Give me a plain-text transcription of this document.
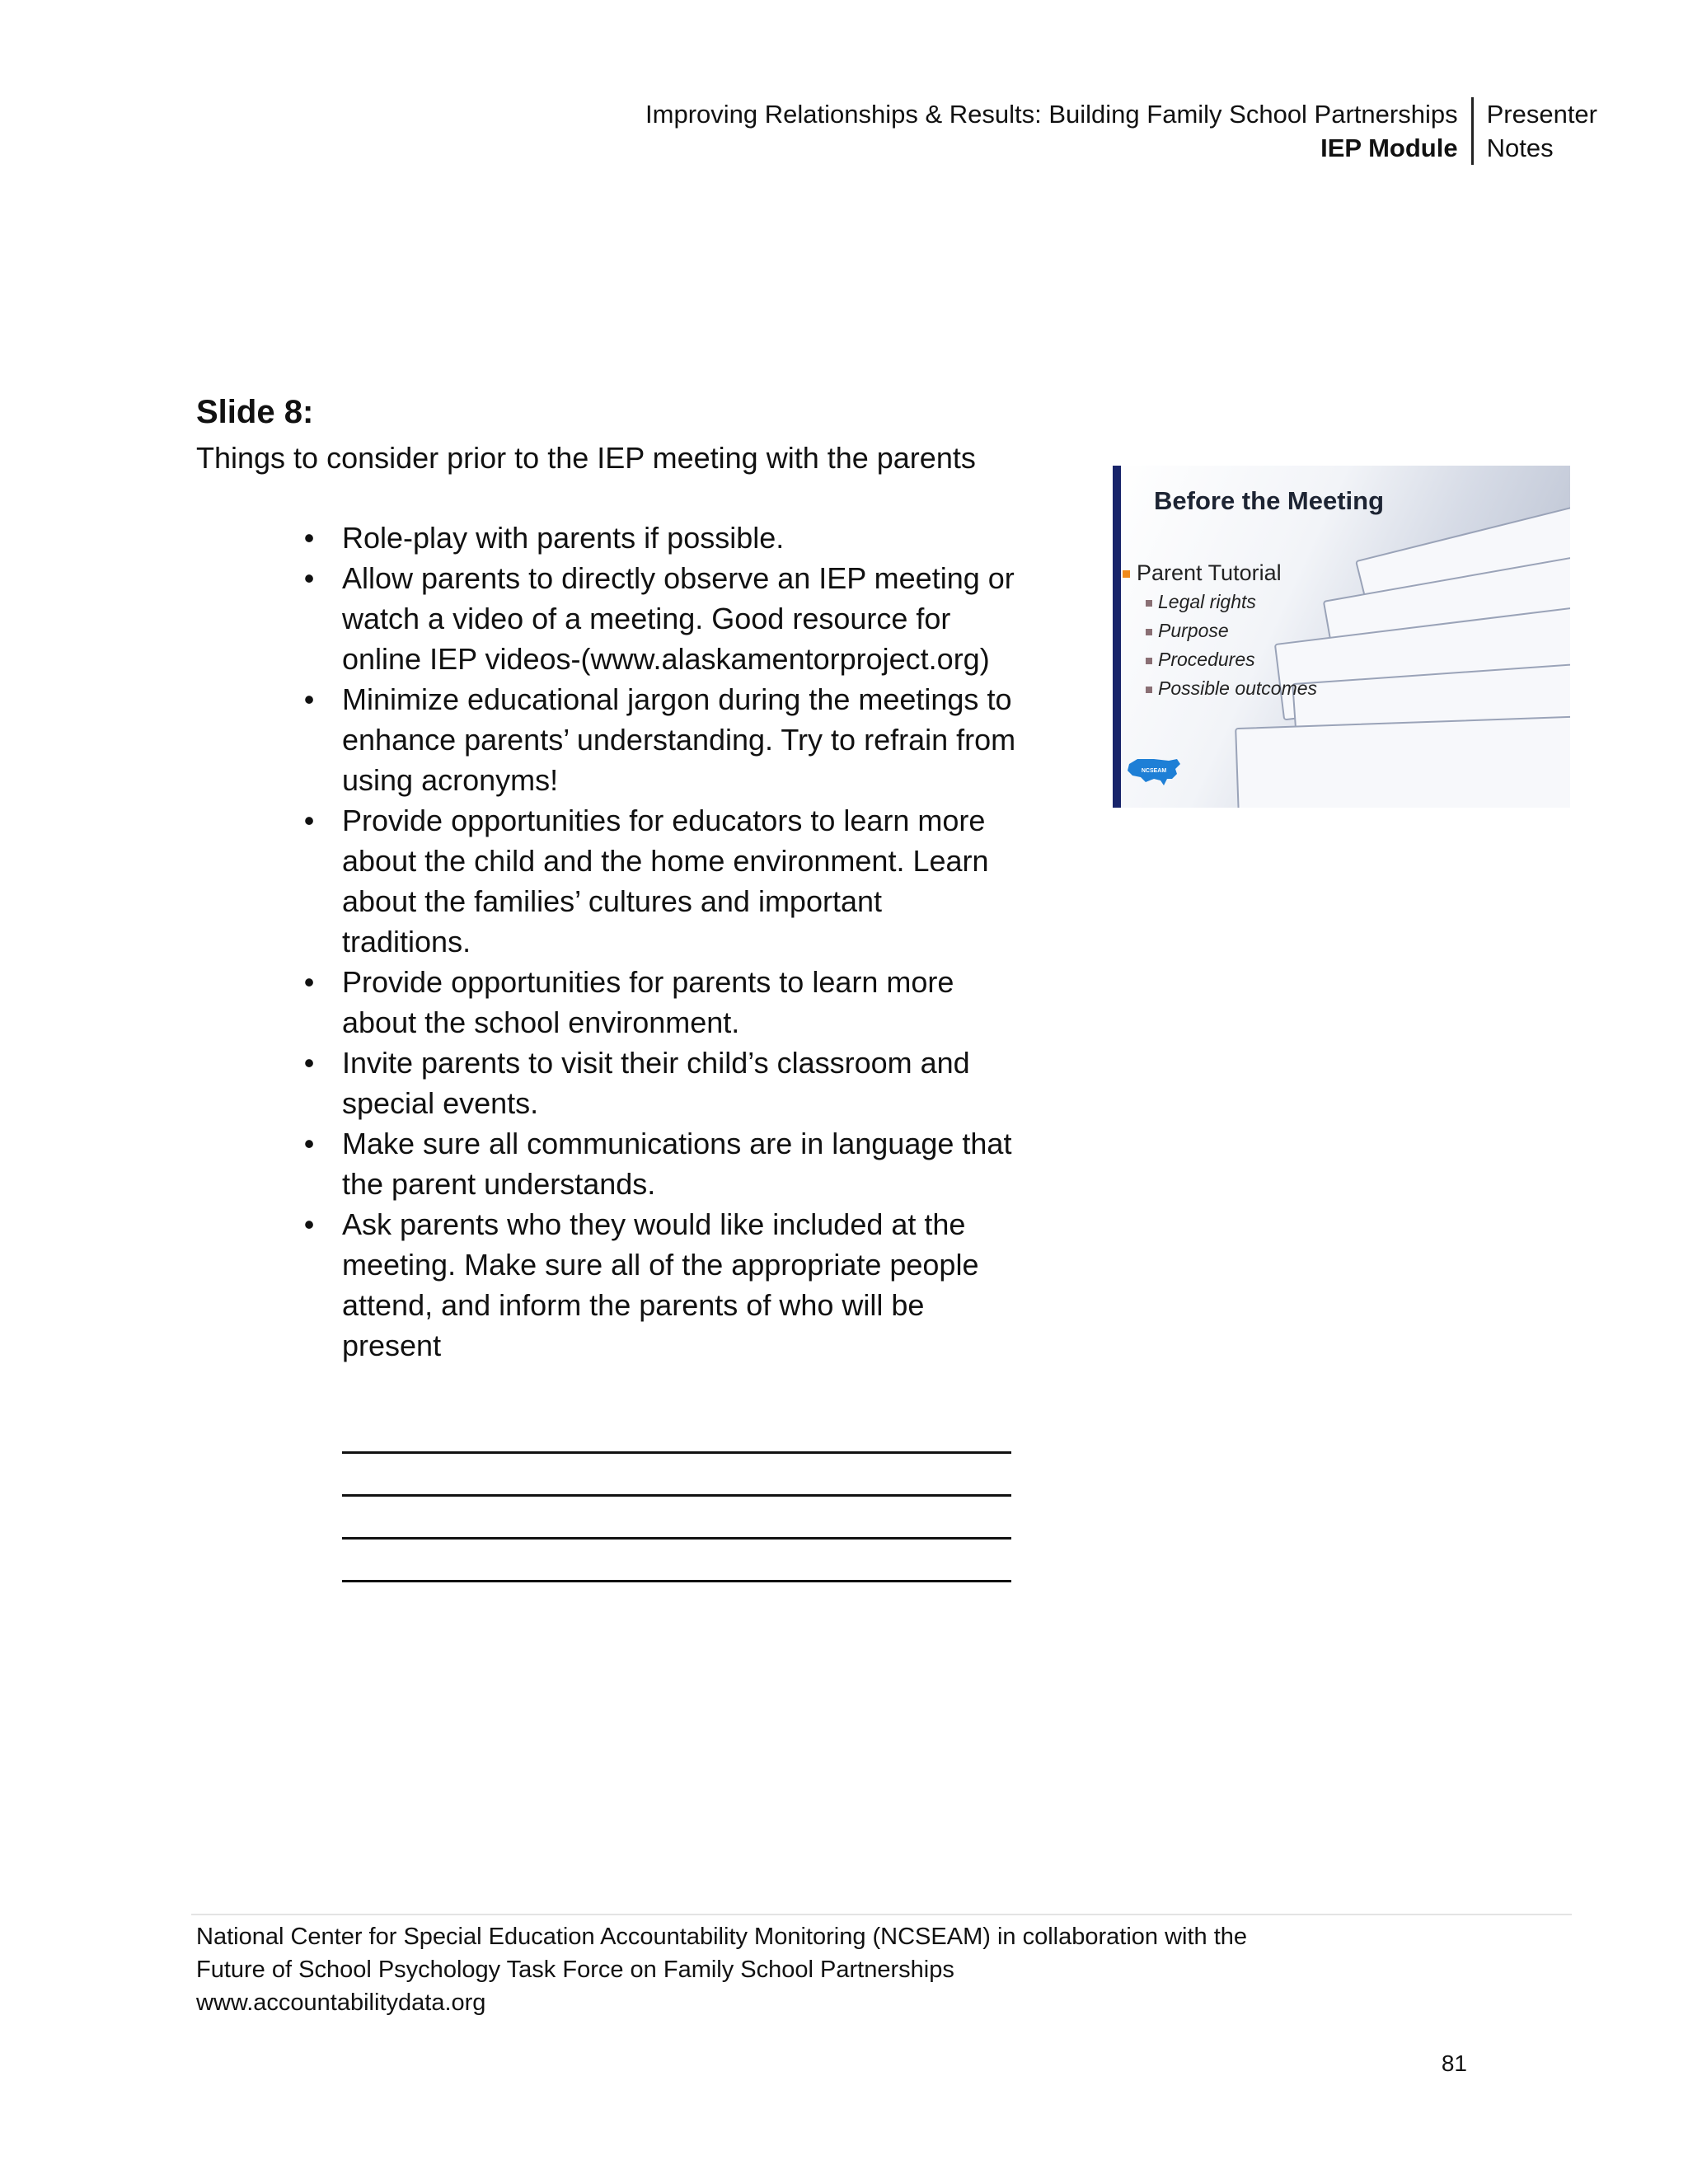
Improving Relationships & Results: Building Family School Partnerships
IEP Module
Presenter
Notes
Slide 8:

Things to consider prior to the IEP meeting with the parents

• Role-play with parents if possible.
• Allow parents to directly observe an IEP meeting or watch a video of a meeting. Good resource for online IEP videos-(www.alaskamentorproject.org)
• Minimize educational jargon during the meetings to enhance parents’ understanding. Try to refrain from using acronyms!
• Provide opportunities for educators to learn more about the child and the home environment. Learn about the families’ cultures and important traditions.
• Provide opportunities for parents to learn more about the school environment.
• Invite parents to visit their child’s classroom and special events.
• Make sure all communications are in language that the parent understands.
• Ask parents who they would like included at the meeting. Make sure all of the appropriate people attend, and inform the parents of who will be present
Before the Meeting
Parent Tutorial
Legal rights
Purpose
Procedures
Possible outcomes
NCSEAM
National Center for Special Education Accountability Monitoring (NCSEAM) in collaboration with the
Future of School Psychology Task Force on Family School Partnerships
www.accountabilitydata.org
81
